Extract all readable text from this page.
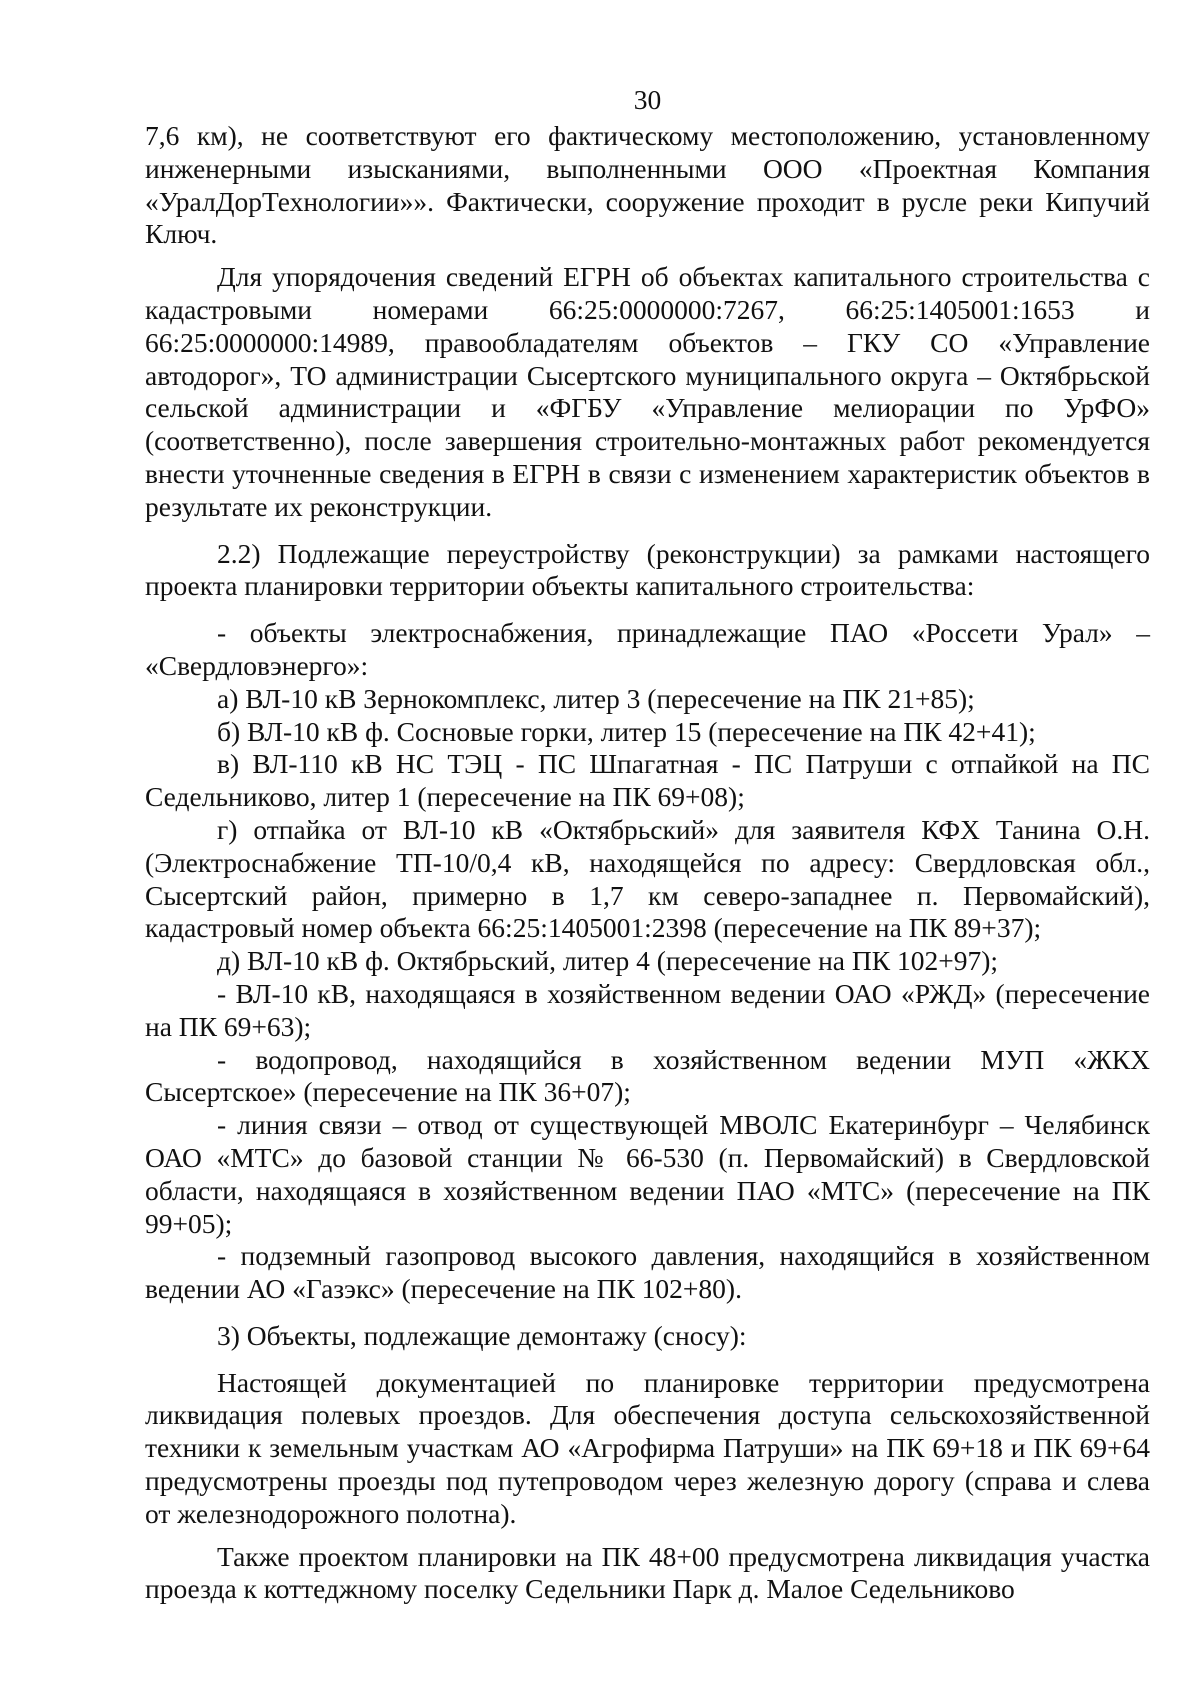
30

7,6 км), не соответствуют его фактическому местоположению, установленному инженерными изысканиями, выполненными ООО «Проектная Компания «УралДорТехнологии»». Фактически, сооружение проходит в русле реки Кипучий Ключ.

Для упорядочения сведений ЕГРН об объектах капитального строительства с кадастровыми номерами 66:25:0000000:7267, 66:25:1405001:1653 и 66:25:0000000:14989, правообладателям объектов – ГКУ СО «Управление автодорог», ТО администрации Сысертского муниципального округа – Октябрьской сельской администрации и «ФГБУ «Управление мелиорации по УрФО» (соответственно), после завершения строительно-монтажных работ рекомендуется внести уточненные сведения в ЕГРН в связи с изменением характеристик объектов в результате их реконструкции.

2.2) Подлежащие переустройству (реконструкции) за рамками настоящего проекта планировки территории объекты капитального строительства:

- объекты электроснабжения, принадлежащие ПАО «Россети Урал» – «Свердловэнерго»:

а) ВЛ-10 кВ Зернокомплекс, литер 3 (пересечение на ПК 21+85);

б) ВЛ-10 кВ ф. Сосновые горки, литер 15 (пересечение на ПК 42+41);

в) ВЛ-110 кВ НС ТЭЦ - ПС Шпагатная - ПС Патруши с отпайкой на ПС Седельниково, литер 1 (пересечение на ПК 69+08);

г) отпайка от ВЛ-10 кВ «Октябрьский» для заявителя КФХ Танина О.Н. (Электроснабжение ТП-10/0,4 кВ, находящейся по адресу: Свердловская обл., Сысертский район, примерно в 1,7 км северо-западнее п. Первомайский), кадастровый номер объекта 66:25:1405001:2398 (пересечение на ПК 89+37);

д) ВЛ-10 кВ ф. Октябрьский, литер 4 (пересечение на ПК 102+97);

- ВЛ-10 кВ, находящаяся в хозяйственном ведении ОАО «РЖД» (пересечение на ПК 69+63);

- водопровод, находящийся в хозяйственном ведении МУП «ЖКХ Сысертское» (пересечение на ПК 36+07);

- линия связи – отвод от существующей МВОЛС Екатеринбург – Челябинск ОАО «МТС» до базовой станции № 66-530 (п. Первомайский) в Свердловской области, находящаяся в хозяйственном ведении ПАО «МТС» (пересечение на ПК 99+05);

- подземный газопровод высокого давления, находящийся в хозяйственном ведении АО «Газэкс» (пересечение на ПК 102+80).

3) Объекты, подлежащие демонтажу (сносу):

Настоящей документацией по планировке территории предусмотрена ликвидация полевых проездов. Для обеспечения доступа сельскохозяйственной техники к земельным участкам АО «Агрофирма Патруши» на ПК 69+18 и ПК 69+64 предусмотрены проезды под путепроводом через железную дорогу (справа и слева от железнодорожного полотна).

Также проектом планировки на ПК 48+00 предусмотрена ликвидация участка проезда к коттеджному поселку Седельники Парк д. Малое Седельниково
